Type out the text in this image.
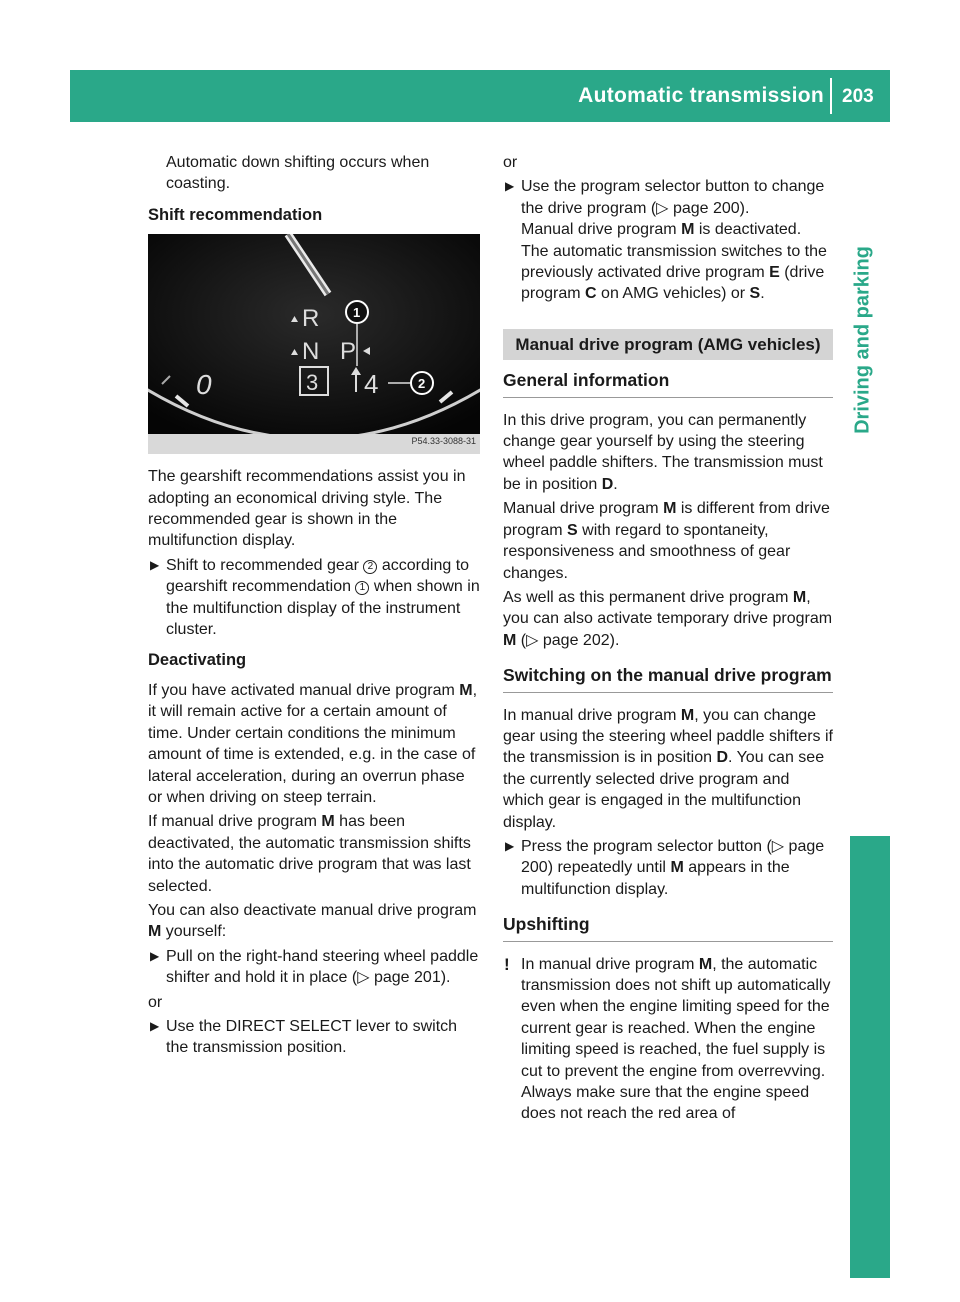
Automatic transmission 203
Driving and parking

Automatic down shifting occurs when coasting.

Shift recommendation
R
N P
3 4
0
1
2
P54.33-3088-31

The gearshift recommendations assist you in adopting an economical driving style. The recommended gear is shown in the multifunction display.

▶ Shift to recommended gear 2 according to gearshift recommendation 1 when shown in the multifunction display of the instrument cluster.
Deactivating

If you have activated manual drive program M, it will remain active for a certain amount of time. Under certain conditions the minimum amount of time is extended, e.g. in the case of lateral acceleration, during an overrun phase or when driving on steep terrain.

If manual drive program M has been deactivated, the automatic transmission shifts into the automatic drive program that was last selected.

You can also deactivate manual drive program M yourself:

▶ Pull on the right-hand steering wheel paddle shifter and hold it in place (▷ page 201).

or

▶ Use the DIRECT SELECT lever to switch the transmission position.

or

▶ Use the program selector button to change the drive program (▷ page 200).
Manual drive program M is deactivated.
The automatic transmission switches to the previously activated drive program E (drive program C on AMG vehicles) or S.
Manual drive program (AMG vehicles)
General information

In this drive program, you can permanently change gear yourself by using the steering wheel paddle shifters. The transmission must be in position D.

Manual drive program M is different from drive program S with regard to spontaneity, responsiveness and smoothness of gear changes.

As well as this permanent drive program M, you can also activate temporary drive program M (▷ page 202).

Switching on the manual drive program

In manual drive program M, you can change gear using the steering wheel paddle shifters if the transmission is in position D. You can see the currently selected drive program and which gear is engaged in the multifunction display.

▶ Press the program selector button (▷ page 200) repeatedly until M appears in the multifunction display.
Upshifting
! In manual drive program M, the automatic transmission does not shift up automatically even when the engine limiting speed for the current gear is reached. When the engine limiting speed is reached, the fuel supply is cut to prevent the engine from overrevving. Always make sure that the engine speed does not reach the red area of
